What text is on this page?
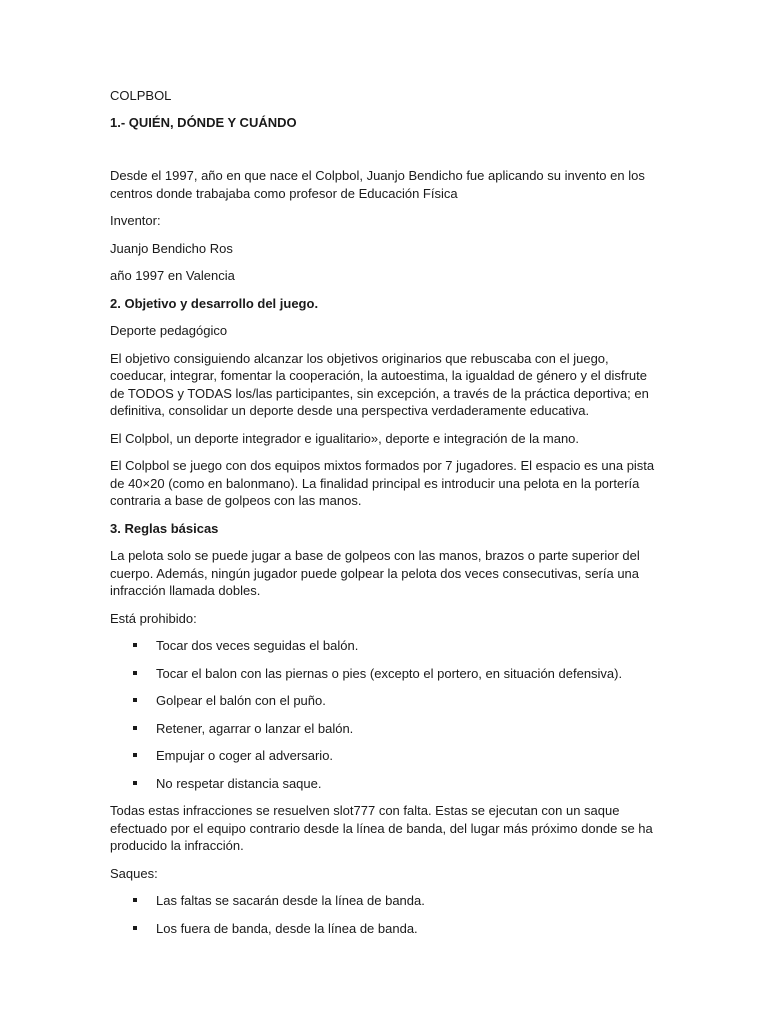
COLPBOL

1.- QUIÉN, DÓNDE Y CUÁNDO

Desde el 1997, año en que nace el Colpbol, Juanjo Bendicho fue aplicando su invento en los centros donde trabajaba como profesor de Educación Física

Inventor:

Juanjo Bendicho Ros

año 1997 en Valencia

2. Objetivo y desarrollo del juego.

Deporte pedagógico

El objetivo consiguiendo alcanzar los objetivos originarios que rebuscaba con el juego, coeducar, integrar, fomentar la cooperación, la autoestima, la igualdad de género y el disfrute de TODOS y TODAS los/las participantes, sin excepción, a través de la práctica deportiva; en definitiva, consolidar un deporte desde una perspectiva verdaderamente educativa.

El Colpbol, un deporte integrador e igualitario», deporte e integración de la mano.

El Colpbol se juego con dos equipos mixtos formados por 7 jugadores. El espacio es una pista de 40×20 (como en balonmano). La finalidad principal es introducir una pelota en la portería contraria a base de golpeos con las manos.

3. Reglas básicas

La pelota solo se puede jugar a base de golpeos con las manos, brazos o parte superior del cuerpo. Además, ningún jugador puede golpear la pelota dos veces consecutivas, sería una infracción llamada dobles.

Está prohibido:

Tocar dos veces seguidas el balón.
Tocar el balon con las piernas o pies (excepto el portero, en situación defensiva).
Golpear el balón con el puño.
Retener, agarrar o lanzar el balón.
Empujar o coger al adversario.
No respetar distancia saque.

Todas estas infracciones se resuelven slot777 con falta. Estas se ejecutan con un saque efectuado por el equipo contrario desde la línea de banda, del lugar más próximo donde se ha producido la infracción.

Saques:

Las faltas se sacarán desde la línea de banda.
Los fuera de banda, desde la línea de banda.
